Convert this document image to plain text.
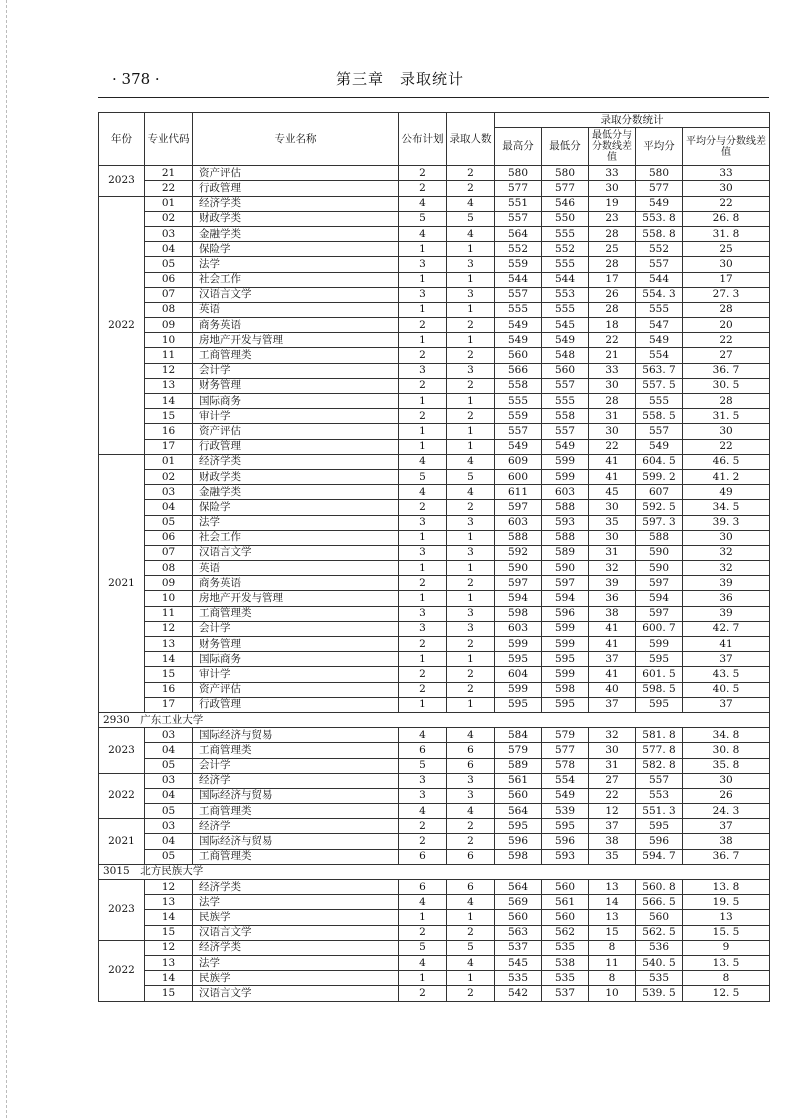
· 378 ·	第三章　录取统计
年份	专业代码	专业名称	公布计划	录取人数	录取分数统计				
					最高分	最低分	最低分与分数线差值	平均分	平均分与分数线差值
2023	21	资产评估	2	2	580	580	33	580	33
	22	行政管理	2	2	577	577	30	577	30
2022	01	经济学类	4	4	551	546	19	549	22
	02	财政学类	5	5	557	550	23	553. 8	26. 8
	03	金融学类	4	4	564	555	28	558. 8	31. 8
	04	保险学	1	1	552	552	25	552	25
	05	法学	3	3	559	555	28	557	30
	06	社会工作	1	1	544	544	17	544	17
	07	汉语言文学	3	3	557	553	26	554. 3	27. 3
	08	英语	1	1	555	555	28	555	28
	09	商务英语	2	2	549	545	18	547	20
	10	房地产开发与管理	1	1	549	549	22	549	22
	11	工商管理类	2	2	560	548	21	554	27
	12	会计学	3	3	566	560	33	563. 7	36. 7
	13	财务管理	2	2	558	557	30	557. 5	30. 5
	14	国际商务	1	1	555	555	28	555	28
	15	审计学	2	2	559	558	31	558. 5	31. 5
	16	资产评估	1	1	557	557	30	557	30
	17	行政管理	1	1	549	549	22	549	22
2021	01	经济学类	4	4	609	599	41	604. 5	46. 5
	02	财政学类	5	5	600	599	41	599. 2	41. 2
	03	金融学类	4	4	611	603	45	607	49
	04	保险学	2	2	597	588	30	592. 5	34. 5
	05	法学	3	3	603	593	35	597. 3	39. 3
	06	社会工作	1	1	588	588	30	588	30
	07	汉语言文学	3	3	592	589	31	590	32
	08	英语	1	1	590	590	32	590	32
	09	商务英语	2	2	597	597	39	597	39
	10	房地产开发与管理	1	1	594	594	36	594	36
	11	工商管理类	3	3	598	596	38	597	39
	12	会计学	3	3	603	599	41	600. 7	42. 7
	13	财务管理	2	2	599	599	41	599	41
	14	国际商务	1	1	595	595	37	595	37
	15	审计学	2	2	604	599	41	601. 5	43. 5
	16	资产评估	2	2	599	598	40	598. 5	40. 5
	17	行政管理	1	1	595	595	37	595	37
2930　广东工业大学									
2023	03	国际经济与贸易	4	4	584	579	32	581. 8	34. 8
	04	工商管理类	6	6	579	577	30	577. 8	30. 8
	05	会计学	5	6	589	578	31	582. 8	35. 8
2022	03	经济学	3	3	561	554	27	557	30
	04	国际经济与贸易	3	3	560	549	22	553	26
	05	工商管理类	4	4	564	539	12	551. 3	24. 3
2021	03	经济学	2	2	595	595	37	595	37
	04	国际经济与贸易	2	2	596	596	38	596	38
	05	工商管理类	6	6	598	593	35	594. 7	36. 7
3015　北方民族大学									
2023	12	经济学类	6	6	564	560	13	560. 8	13. 8
	13	法学	4	4	569	561	14	566. 5	19. 5
	14	民族学	1	1	560	560	13	560	13
	15	汉语言文学	2	2	563	562	15	562. 5	15. 5
2022	12	经济学类	5	5	537	535	8	536	9
	13	法学	4	4	545	538	11	540. 5	13. 5
	14	民族学	1	1	535	535	8	535	8
	15	汉语言文学	2	2	542	537	10	539. 5	12. 5
